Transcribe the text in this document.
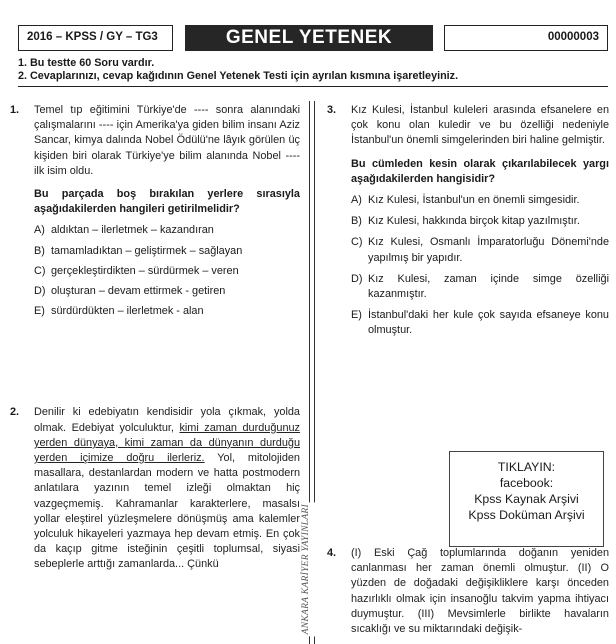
2016 – KPSS / GY – TG3	GENEL YETENEK	00000003
1. Bu testte 60 Soru vardır.
2. Cevaplarınızı, cevap kağıdının Genel Yetenek Testi için ayrılan kısmına işaretleyiniz.
1. Temel tıp eğitimini Türkiye'de ---- sonra alanındaki çalışmalarını ---- için Amerika'ya giden bilim insanı Aziz Sancar, kimya dalında Nobel Ödülü'ne lâyık görülen üç kişiden biri olarak Türkiye'ye bilim alanında Nobel ---- ilk isim oldu.
Bu parçada boş bırakılan yerlere sırasıyla aşağıdakilerden hangileri getirilmelidir?
A) aldıktan – ilerletmek – kazandıran
B) tamamladıktan – geliştirmek – sağlayan
C) gerçekleştirdikten – sürdürmek – veren
D) oluşturan – devam ettirmek - getiren
E) sürdürdükten – ilerletmek - alan
2. Denilir ki edebiyatın kendisidir yola çıkmak, yolda olmak. Edebiyat yolculuktur, kimi zaman durduğunuz yerden dünyaya, kimi zaman da dünyanın durduğu yerden içimize doğru ilerleriz. Yol, mitolojiden masallara, destanlardan modern ve hatta postmodern anlatılara yazının temel izleği olmaktan hiç vazgeçmemiş. Kahramanlar karakterlere, masalsı yollar eleştirel yüzleşmelere dönüşmüş ama kalemler yolculuk hikayeleri yazmaya hep devam etmiş. En çok da kaçıp gitme isteğinin çeşitli toplumsal, siyasi sebeplerle arttığı zamanlarda... Çünkü	ANKARA KARİYER YAYINLARI
3. Kız Kulesi, İstanbul kuleleri arasında efsanelere en çok konu olan kuledir ve bu özelliği nedeniyle İstanbul'un önemli simgelerinden biri haline gelmiştir.
Bu cümleden kesin olarak çıkarılabilecek yargı aşağıdakilerden hangisidir?
A) Kız Kulesi, İstanbul'un en önemli simgesidir.
B) Kız Kulesi, hakkında birçok kitap yazılmıştır.
C) Kız Kulesi, Osmanlı İmparatorluğu Dönemi'nde yapılmış bir yapıdır.
D) Kız Kulesi, zaman içinde simge özelliği kazanmıştır.
E) İstanbul'daki her kule çok sayıda efsaneye konu olmuştur.
4. (I) Eski Çağ toplumlarında doğanın yeniden canlanması her zaman önemli olmuştur. (II) O yüzden de doğadaki değişikliklere karşı önceden hazırlıklı olmak için insanoğlu takvim yapma ihtiyacı duymuştur. (III) Mevsimlerle birlikte havaların sıcaklığı ve su miktarındaki değişik-
TIKLAYIN:
facebook:
Kpss Kaynak Arşivi
Kpss Doküman Arşivi
